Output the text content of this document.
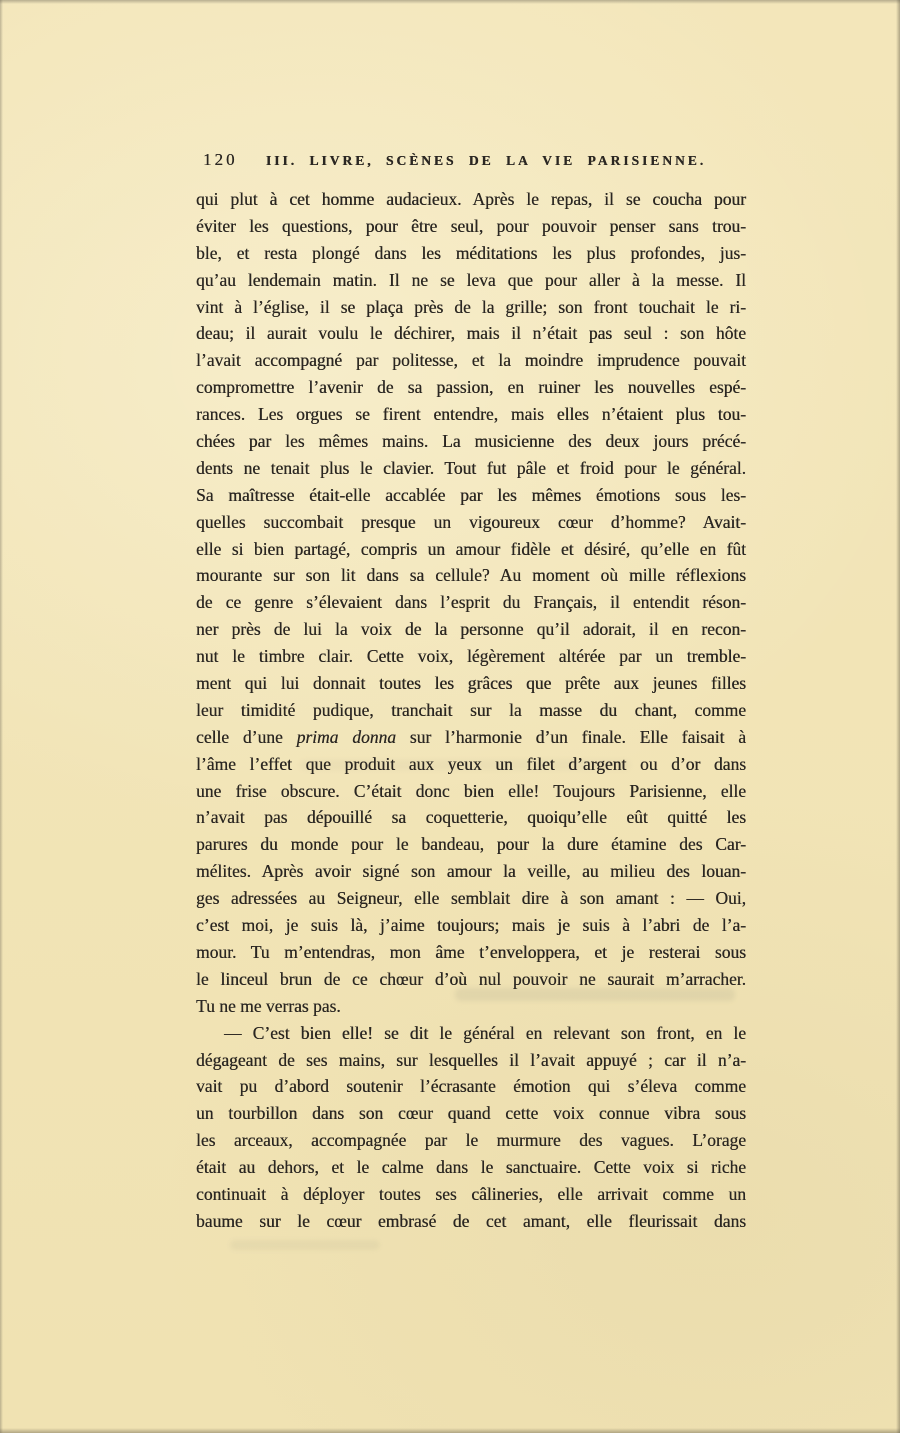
120	III. LIVRE, SCÈNES DE LA VIE PARISIENNE.
qui plut à cet homme audacieux. Après le repas, il se coucha pour
éviter les questions, pour être seul, pour pouvoir penser sans trou-
ble, et resta plongé dans les méditations les plus profondes, jus-
qu’au lendemain matin. Il ne se leva que pour aller à la messe. Il
vint à l’église, il se plaça près de la grille; son front touchait le ri-
deau; il aurait voulu le déchirer, mais il n’était pas seul : son hôte
l’avait accompagné par politesse, et la moindre imprudence pouvait
compromettre l’avenir de sa passion, en ruiner les nouvelles espé-
rances. Les orgues se firent entendre, mais elles n’étaient plus tou-
chées par les mêmes mains. La musicienne des deux jours précé-
dents ne tenait plus le clavier. Tout fut pâle et froid pour le général.
Sa maîtresse était-elle accablée par les mêmes émotions sous les-
quelles succombait presque un vigoureux cœur d’homme? Avait-
elle si bien partagé, compris un amour fidèle et désiré, qu’elle en fût
mourante sur son lit dans sa cellule? Au moment où mille réflexions
de ce genre s’élevaient dans l’esprit du Français, il entendit réson-
ner près de lui la voix de la personne qu’il adorait, il en recon-
nut le timbre clair. Cette voix, légèrement altérée par un tremble-
ment qui lui donnait toutes les grâces que prête aux jeunes filles
leur timidité pudique, tranchait sur la masse du chant, comme
celle d’une prima donna sur l’harmonie d’un finale. Elle faisait à
l’âme l’effet que produit aux yeux un filet d’argent ou d’or dans
une frise obscure. C’était donc bien elle! Toujours Parisienne, elle
n’avait pas dépouillé sa coquetterie, quoiqu’elle eût quitté les
parures du monde pour le bandeau, pour la dure étamine des Car-
mélites. Après avoir signé son amour la veille, au milieu des louan-
ges adressées au Seigneur, elle semblait dire à son amant : — Oui,
c’est moi, je suis là, j’aime toujours; mais je suis à l’abri de l’a-
mour. Tu m’entendras, mon âme t’enveloppera, et je resterai sous
le linceul brun de ce chœur d’où nul pouvoir ne saurait m’arracher.
Tu ne me verras pas.
— C’est bien elle! se dit le général en relevant son front, en le
dégageant de ses mains, sur lesquelles il l’avait appuyé ; car il n’a-
vait pu d’abord soutenir l’écrasante émotion qui s’éleva comme
un tourbillon dans son cœur quand cette voix connue vibra sous
les arceaux, accompagnée par le murmure des vagues. L’orage
était au dehors, et le calme dans le sanctuaire. Cette voix si riche
continuait à déployer toutes ses câlineries, elle arrivait comme un
baume sur le cœur embrasé de cet amant, elle fleurissait dans
